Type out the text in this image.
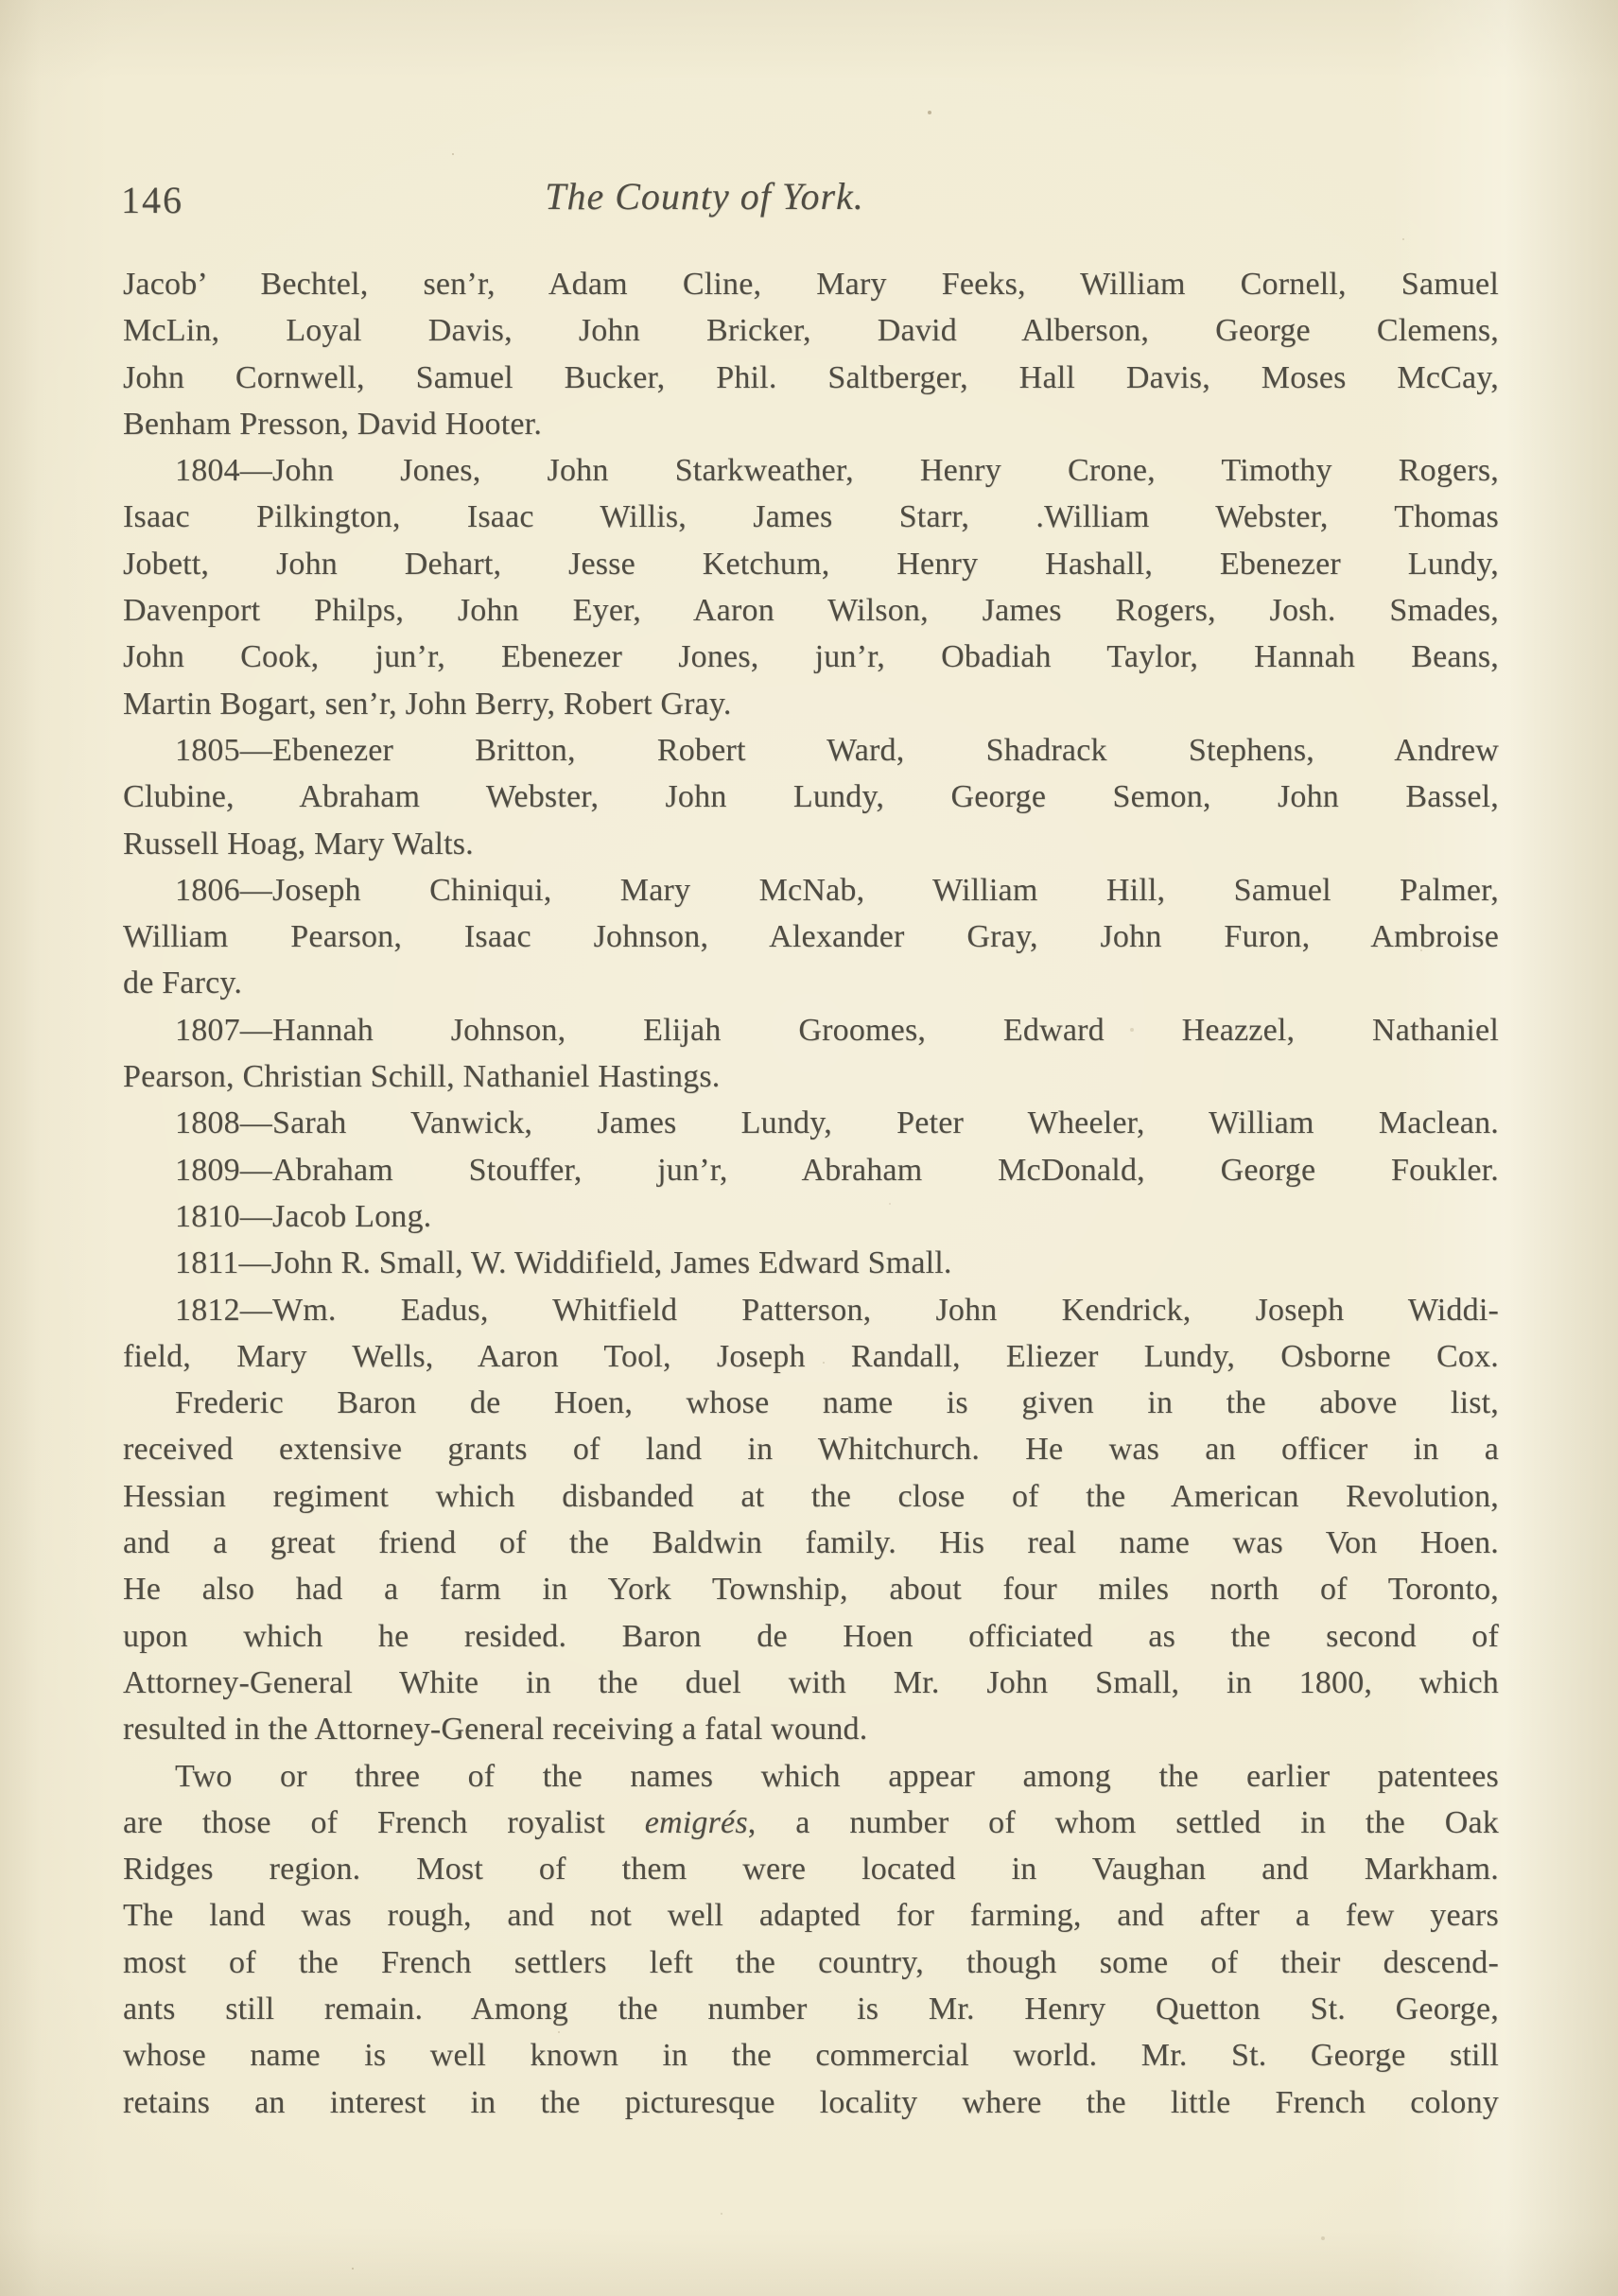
146	The County of York.
Jacob’ Bechtel, sen’r, Adam Cline, Mary Feeks, William Cornell, Samuel
McLin, Loyal Davis, John Bricker, David Alberson, George Clemens,
John Cornwell, Samuel Bucker, Phil. Saltberger, Hall Davis, Moses McCay,
Benham Presson, David Hooter.
1804—John Jones, John Starkweather, Henry Crone, Timothy Rogers,
Isaac Pilkington, Isaac Willis, James Starr, .William Webster, Thomas
Jobett, John Dehart, Jesse Ketchum, Henry Hashall, Ebenezer Lundy,
Davenport Philps, John Eyer, Aaron Wilson, James Rogers, Josh. Smades,
John Cook, jun’r, Ebenezer Jones, jun’r, Obadiah Taylor, Hannah Beans,
Martin Bogart, sen’r, John Berry, Robert Gray.
1805—Ebenezer Britton, Robert Ward, Shadrack Stephens, Andrew
Clubine, Abraham Webster, John Lundy, George Semon, John Bassel,
Russell Hoag, Mary Walts.
1806—Joseph Chiniqui, Mary McNab, William Hill, Samuel Palmer,
William Pearson, Isaac Johnson, Alexander Gray, John Furon, Ambroise
de Farcy.
1807—Hannah Johnson, Elijah Groomes, Edward Heazzel, Nathaniel
Pearson, Christian Schill, Nathaniel Hastings.
1808—Sarah Vanwick, James Lundy, Peter Wheeler, William Maclean.
1809—Abraham Stouffer, jun’r, Abraham McDonald, George Foukler.
1810—Jacob Long.
1811—John R. Small, W. Widdifield, James Edward Small.
1812—Wm. Eadus, Whitfield Patterson, John Kendrick, Joseph Widdi-
field, Mary Wells, Aaron Tool, Joseph Randall, Eliezer Lundy, Osborne Cox.
Frederic Baron de Hoen, whose name is given in the above list,
received extensive grants of land in Whitchurch. He was an officer in a
Hessian regiment which disbanded at the close of the American Revolution,
and a great friend of the Baldwin family. His real name was Von Hoen.
He also had a farm in York Township, about four miles north of Toronto,
upon which he resided. Baron de Hoen officiated as the second of
Attorney-General White in the duel with Mr. John Small, in 1800, which
resulted in the Attorney-General receiving a fatal wound.
Two or three of the names which appear among the earlier patentees
are those of French royalist emigrés, a number of whom settled in the Oak
Ridges region. Most of them were located in Vaughan and Markham.
The land was rough, and not well adapted for farming, and after a few years
most of the French settlers left the country, though some of their descend-
ants still remain. Among the number is Mr. Henry Quetton St. George,
whose name is well known in the commercial world. Mr. St. George still
retains an interest in the picturesque locality where the little French colony
